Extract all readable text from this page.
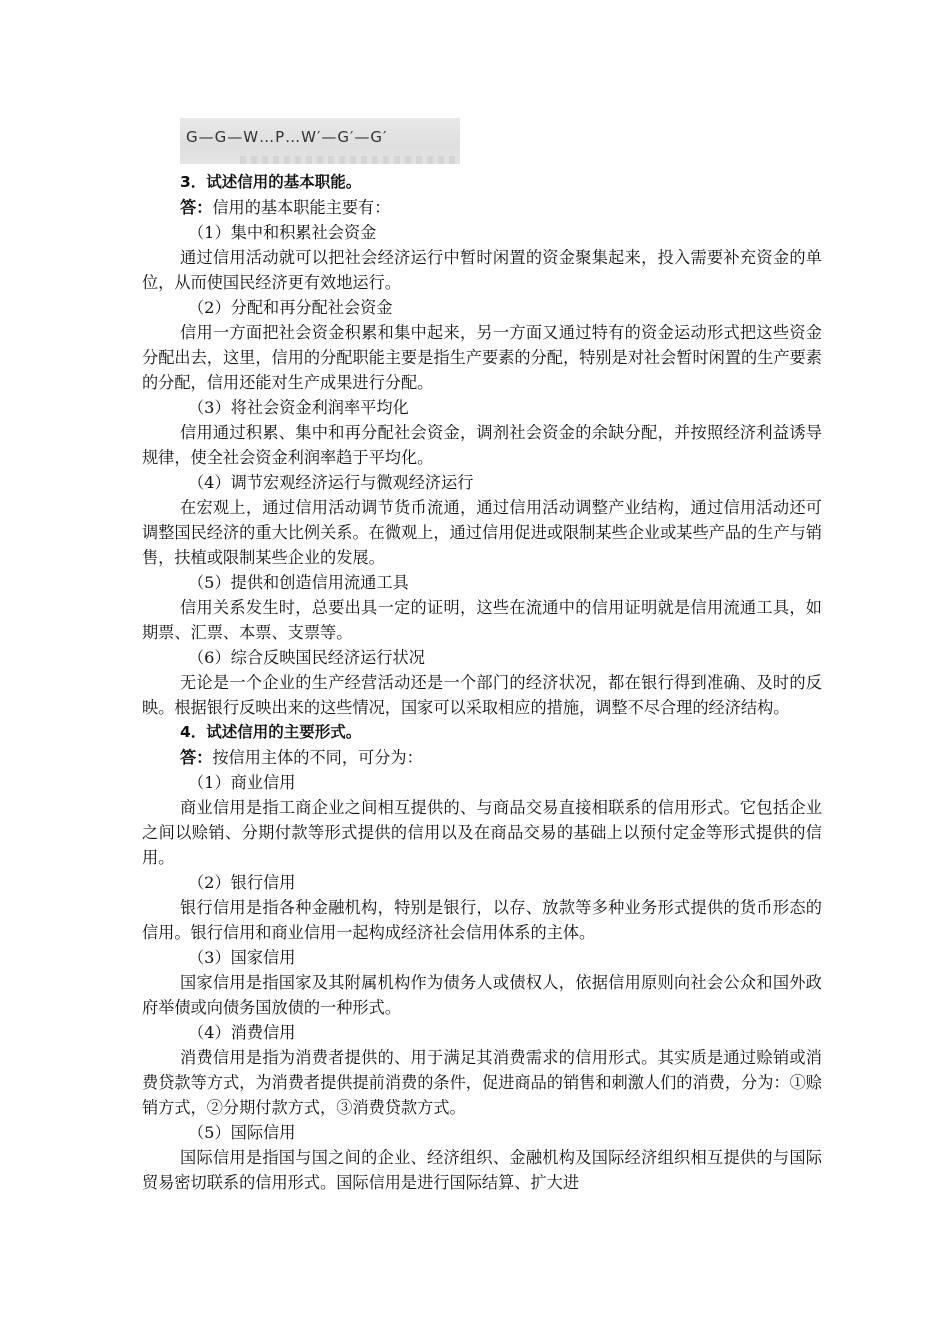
G—G—W…P…W′—G′—G′
3．试述信用的基本职能。
答：信用的基本职能主要有：
（1）集中和积累社会资金

通过信用活动就可以把社会经济运行中暂时闲置的资金聚集起来，投入需要补充资金的单位，从而使国民经济更有效地运行。

（2）分配和再分配社会资金

信用一方面把社会资金积累和集中起来，另一方面又通过特有的资金运动形式把这些资金分配出去，这里，信用的分配职能主要是指生产要素的分配，特别是对社会暂时闲置的生产要素的分配，信用还能对生产成果进行分配。

（3）将社会资金利润率平均化

信用通过积累、集中和再分配社会资金，调剂社会资金的余缺分配，并按照经济利益诱导规律，使全社会资金利润率趋于平均化。

（4）调节宏观经济运行与微观经济运行

在宏观上，通过信用活动调节货币流通，通过信用活动调整产业结构，通过信用活动还可调整国民经济的重大比例关系。在微观上，通过信用促进或限制某些企业或某些产品的生产与销售，扶植或限制某些企业的发展。

（5）提供和创造信用流通工具

信用关系发生时，总要出具一定的证明，这些在流通中的信用证明就是信用流通工具，如期票、汇票、本票、支票等。

（6）综合反映国民经济运行状况

无论是一个企业的生产经营活动还是一个部门的经济状况，都在银行得到准确、及时的反映。根据银行反映出来的这些情况，国家可以采取相应的措施，调整不尽合理的经济结构。

4．试述信用的主要形式。
答：按信用主体的不同，可分为：
（1）商业信用

商业信用是指工商企业之间相互提供的、与商品交易直接相联系的信用形式。它包括企业之间以赊销、分期付款等形式提供的信用以及在商品交易的基础上以预付定金等形式提供的信用。

（2）银行信用

银行信用是指各种金融机构，特别是银行，以存、放款等多种业务形式提供的货币形态的信用。银行信用和商业信用一起构成经济社会信用体系的主体。

（3）国家信用

国家信用是指国家及其附属机构作为债务人或债权人，依据信用原则向社会公众和国外政府举债或向债务国放债的一种形式。

（4）消费信用

消费信用是指为消费者提供的、用于满足其消费需求的信用形式。其实质是通过赊销或消费贷款等方式，为消费者提供提前消费的条件，促进商品的销售和刺激人们的消费，分为：①赊销方式，②分期付款方式，③消费贷款方式。

（5）国际信用

国际信用是指国与国之间的企业、经济组织、金融机构及国际经济组织相互提供的与国际贸易密切联系的信用形式。国际信用是进行国际结算、扩大进
